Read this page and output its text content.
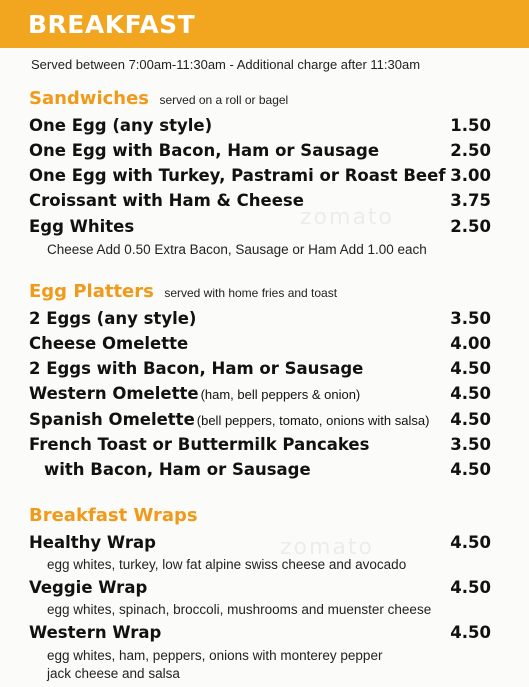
BREAKFAST
Served between 7:00am-11:30am - Additional charge after 11:30am
Sandwiches served on a roll or bagel
One Egg (any style)	1.50
One Egg with Bacon, Ham or Sausage	2.50
One Egg with Turkey, Pastrami or Roast Beef 3.00
Croissant with Ham & Cheese	3.75
Egg Whites	2.50
Cheese Add 0.50 Extra Bacon, Sausage or Ham Add 1.00 each
Egg Platters served with home fries and toast
2 Eggs (any style)	3.50
Cheese Omelette	4.00
2 Eggs with Bacon, Ham or Sausage	4.50
Western Omelette (ham, bell peppers & onion)	4.50
Spanish Omelette (bell peppers, tomato, onions with salsa) 4.50
French Toast or Buttermilk Pancakes	3.50
with Bacon, Ham or Sausage	4.50
Breakfast Wraps
Healthy Wrap	4.50
egg whites, turkey, low fat alpine swiss cheese and avocado
Veggie Wrap	4.50
egg whites, spinach, broccoli, mushrooms and muenster cheese
Western Wrap	4.50
egg whites, ham, peppers, onions with monterey pepper
jack cheese and salsa
zomato
zomato
